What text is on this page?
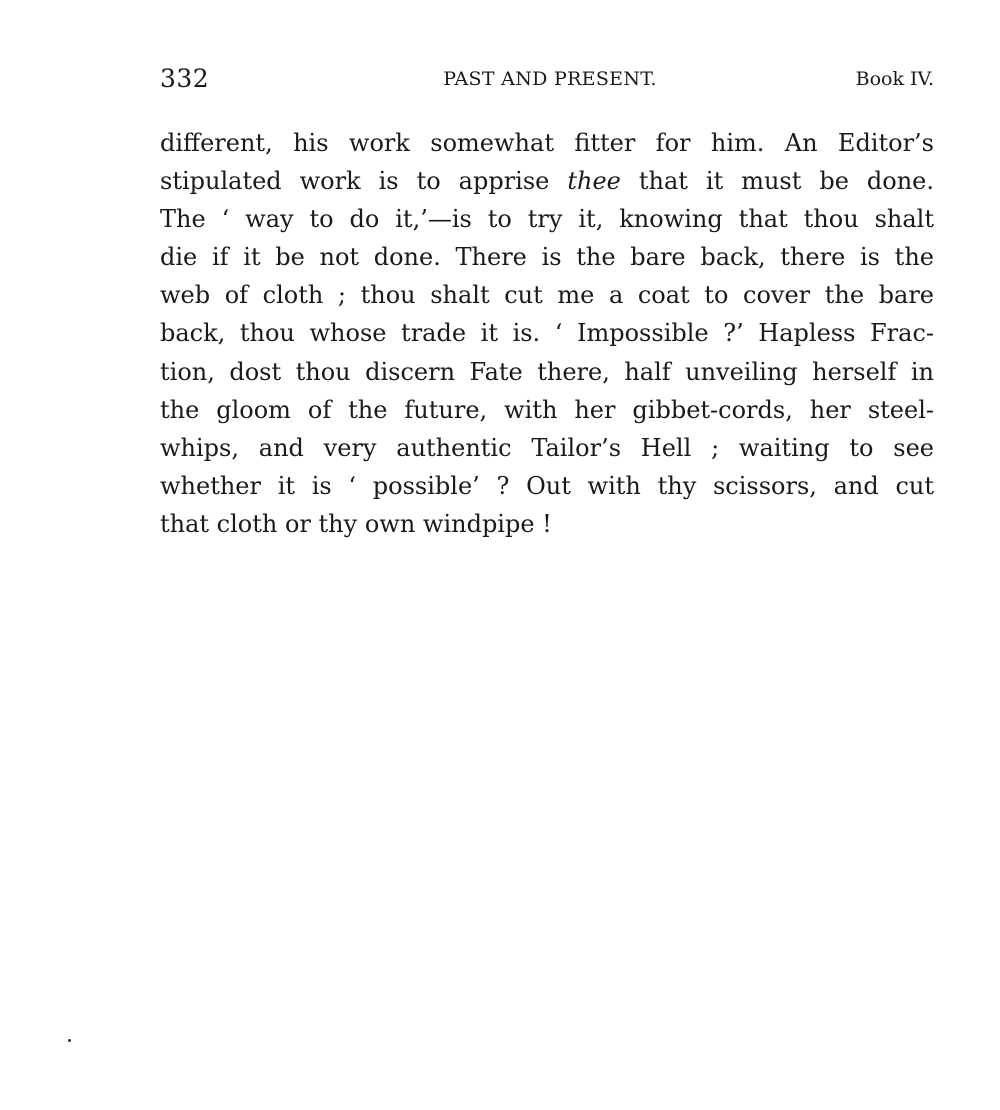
332	PAST AND PRESENT.	Book IV.
different, his work somewhat fitter for him. An Editor’s
stipulated work is to apprise thee that it must be done.
The ‘ way to do it,’—is to try it, knowing that thou shalt
die if it be not done. There is the bare back, there is the
web of cloth ; thou shalt cut me a coat to cover the bare
back, thou whose trade it is. ‘ Impossible ?’ Hapless Frac-
tion, dost thou discern Fate there, half unveiling herself in
the gloom of the future, with her gibbet-cords, her steel-
whips, and very authentic Tailor’s Hell ; waiting to see
whether it is ‘ possible’ ? Out with thy scissors, and cut
that cloth or thy own windpipe !
